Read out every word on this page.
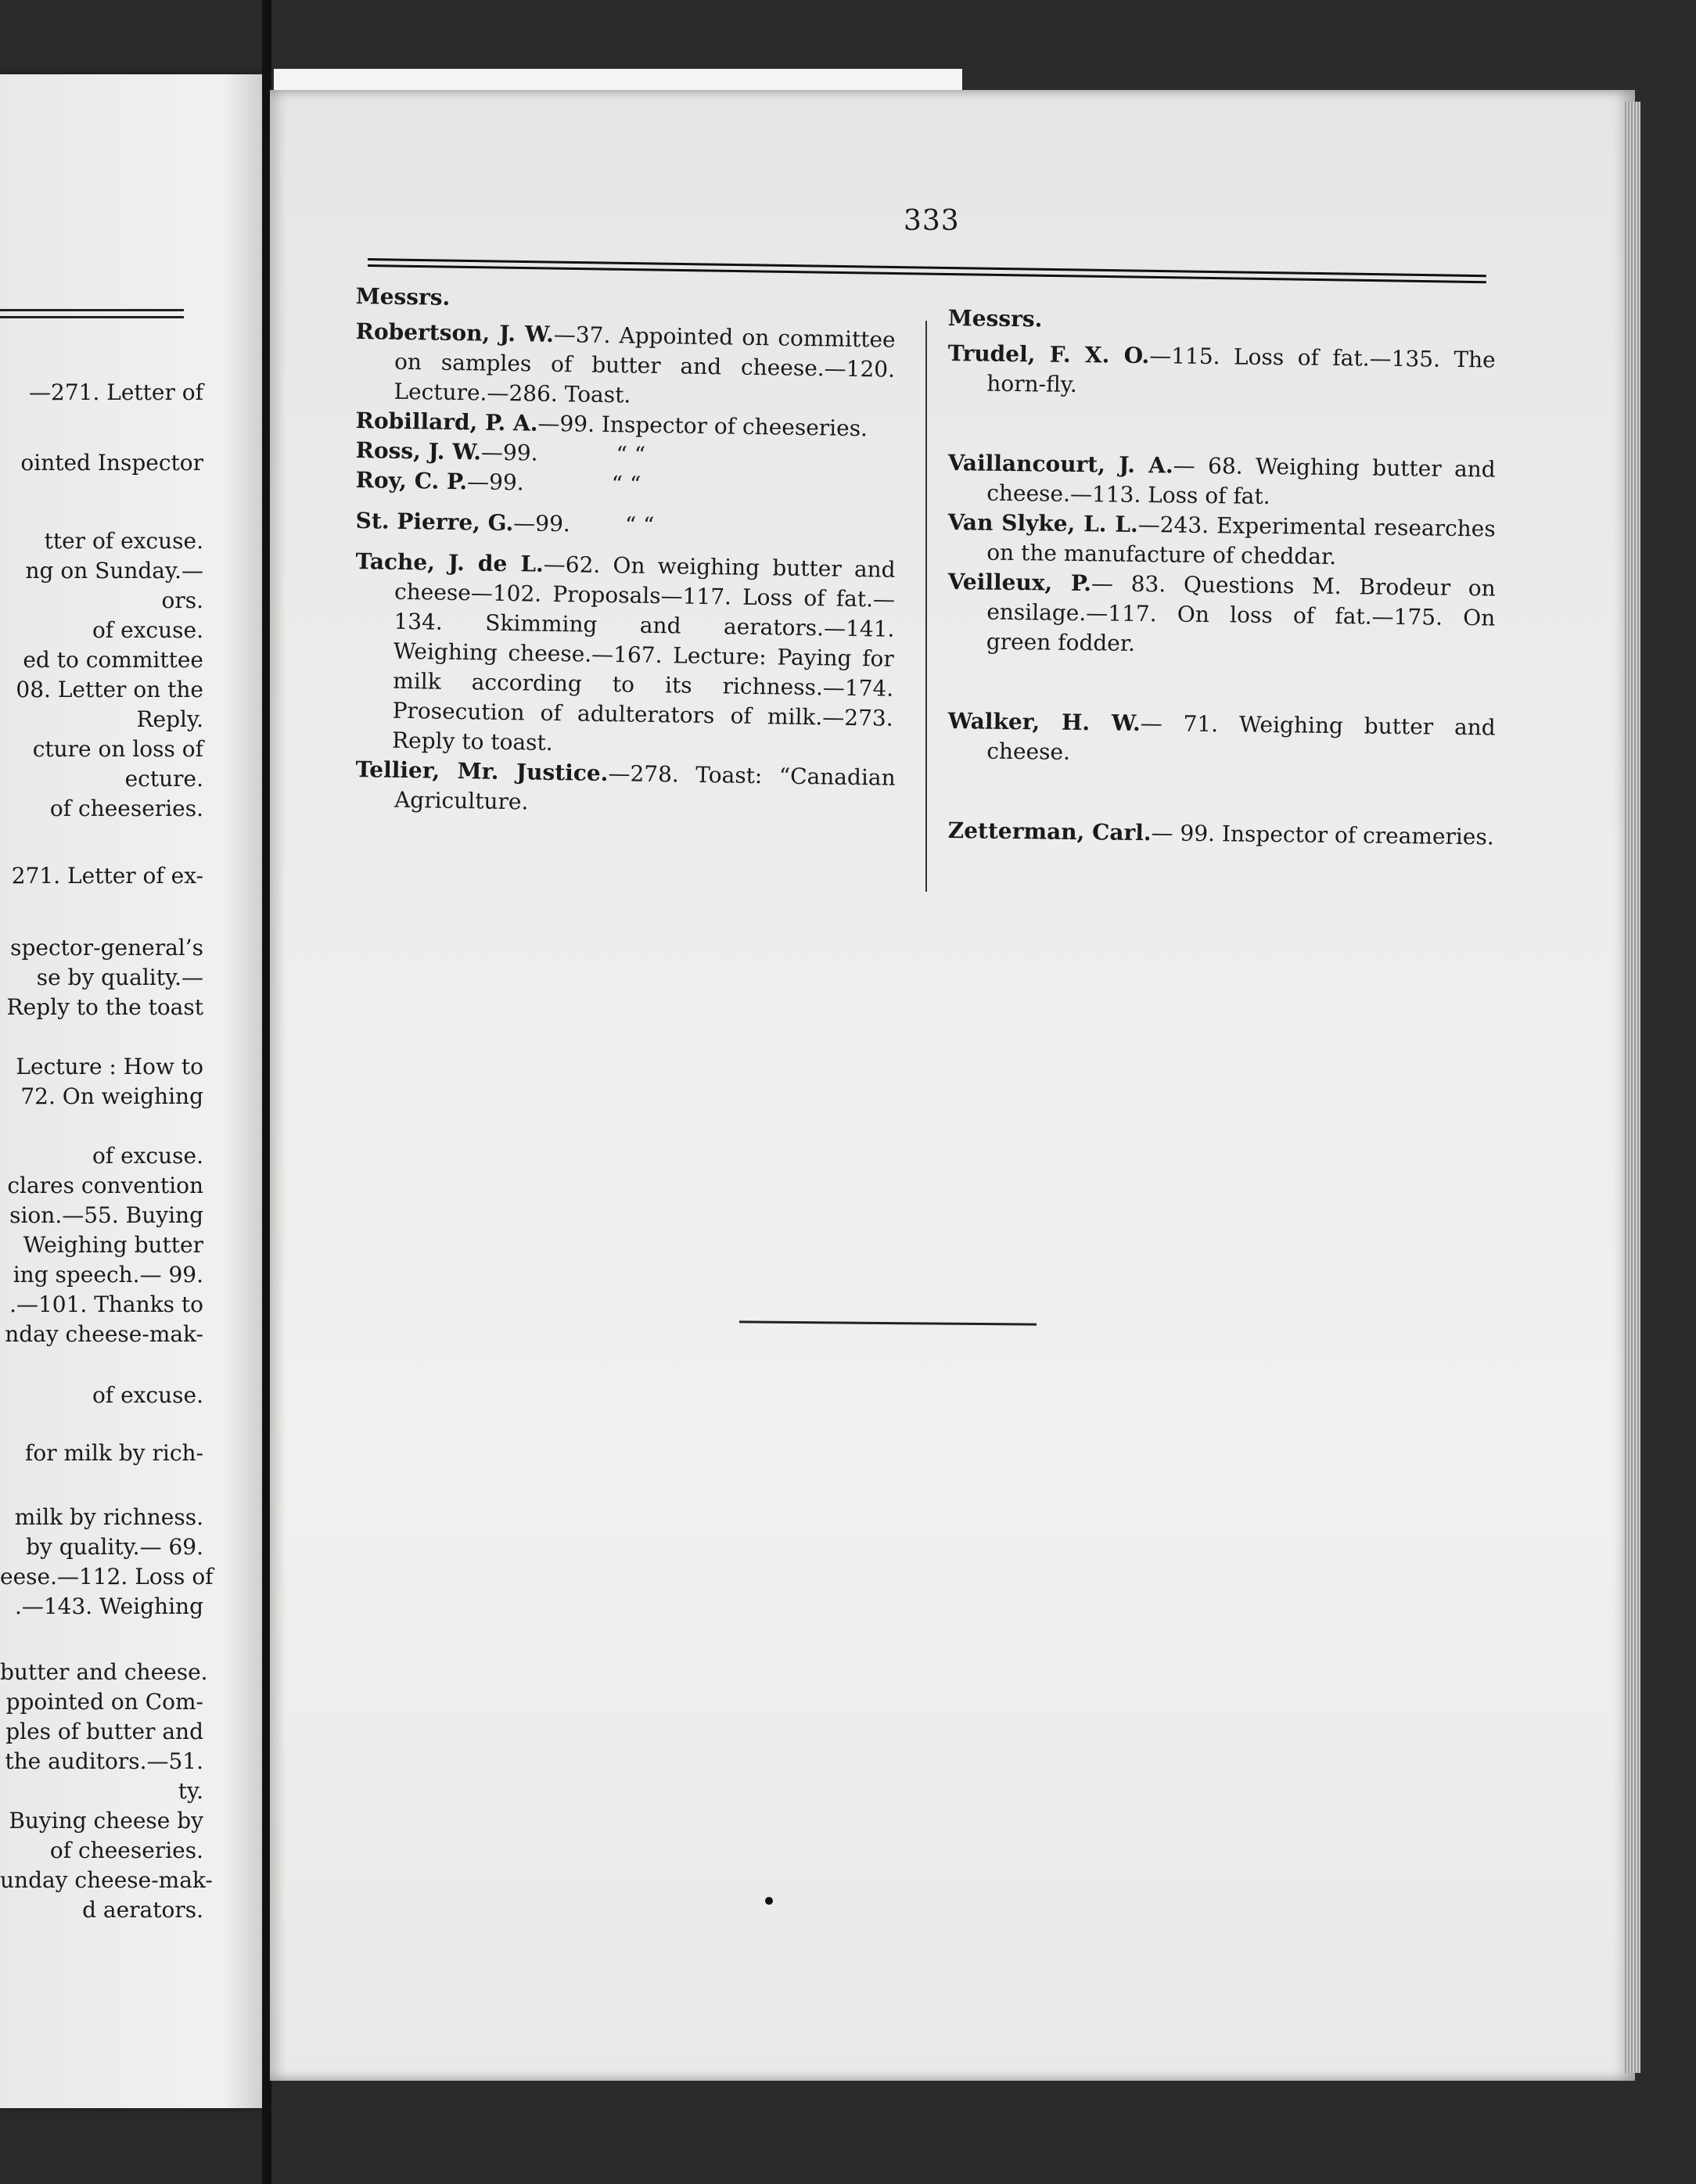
—271. Letter of
ointed Inspector
tter of excuse.
ng on Sunday.—
ors.
of excuse.
ed to committee
08. Letter on the
Reply.
cture on loss of
ecture.
of cheeseries.
271. Letter of ex-
spector-general’s
se by quality.—
Reply to the toast
Lecture : How to
72. On weighing
of excuse.
clares convention
sion.—55. Buying
Weighing butter
ing speech.— 99.
.—101. Thanks to
nday cheese-mak-
of excuse.
for milk by rich-
milk by richness.
by quality.— 69.
eese.—112. Loss of
.—143. Weighing
butter and cheese.
ppointed on Com-
ples of butter and
the auditors.—51.
ty.
Buying cheese by
of cheeseries.
unday cheese-mak-
d aerators.
333
Messrs.
Robertson, J. W.—37. Appointed on committee on samples of butter and cheese.—120. Lecture.—286. Toast.
Robillard, P. A.—99. Inspector of cheeseries.
Ross, J. W.—99.	“ “
Roy, C. P.—99.	“ “
St. Pierre, G.—99. “ “
Tache, J. de L.—62. On weighing butter and cheese—102. Proposals—117. Loss of fat.—134. Skimming and aerators.—141. Weighing cheese.—167. Lecture: Paying for milk according to its richness.—174. Prosecution of adulterators of milk.—273. Reply to toast.
Tellier, Mr. Justice.—278. Toast: “Canadian Agriculture.
Messrs.
Trudel, F. X. O.—115. Loss of fat.—135. The horn-fly.
Vaillancourt, J. A.— 68. Weighing butter and cheese.—113. Loss of fat.
Van Slyke, L. L.—243. Experimental researches on the manufacture of cheddar.
Veilleux, P.— 83. Questions M. Brodeur on ensilage.—117. On loss of fat.—175. On green fodder.
Walker, H. W.— 71. Weighing butter and cheese.
Zetterman, Carl.— 99. Inspector of creameries.
